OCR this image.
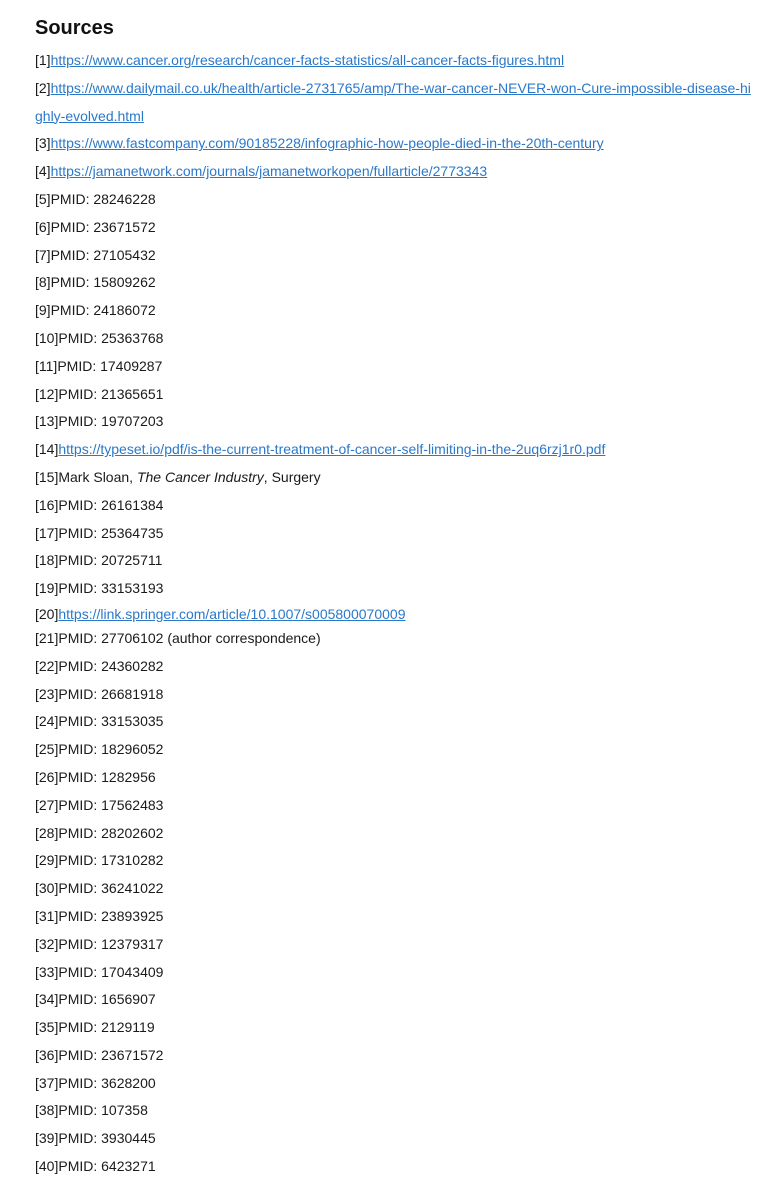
Sources
[1]https://www.cancer.org/research/cancer-facts-statistics/all-cancer-facts-figures.html
[2]https://www.dailymail.co.uk/health/article-2731765/amp/The-war-cancer-NEVER-won-Cure-impossible-disease-highly-evolved.html
[3]https://www.fastcompany.com/90185228/infographic-how-people-died-in-the-20th-century
[4]https://jamanetwork.com/journals/jamanetworkopen/fullarticle/2773343
[5]PMID: 28246228
[6]PMID: 23671572
[7]PMID: 27105432
[8]PMID: 15809262
[9]PMID: 24186072
[10]PMID: 25363768
[11]PMID: 17409287
[12]PMID: 21365651
[13]PMID: 19707203
[14]https://typeset.io/pdf/is-the-current-treatment-of-cancer-self-limiting-in-the-2uq6rzj1r0.pdf
[15]Mark Sloan, The Cancer Industry, Surgery
[16]PMID: 26161384
[17]PMID: 25364735
[18]PMID: 20725711
[19]PMID: 33153193
[20]https://link.springer.com/article/10.1007/s005800070009
[21]PMID: 27706102 (author correspondence)
[22]PMID: 24360282
[23]PMID: 26681918
[24]PMID: 33153035
[25]PMID: 18296052
[26]PMID: 1282956
[27]PMID: 17562483
[28]PMID: 28202602
[29]PMID: 17310282
[30]PMID: 36241022
[31]PMID: 23893925
[32]PMID: 12379317
[33]PMID: 17043409
[34]PMID: 1656907
[35]PMID: 2129119
[36]PMID: 23671572
[37]PMID: 3628200
[38]PMID: 107358
[39]PMID: 3930445
[40]PMID: 6423271
